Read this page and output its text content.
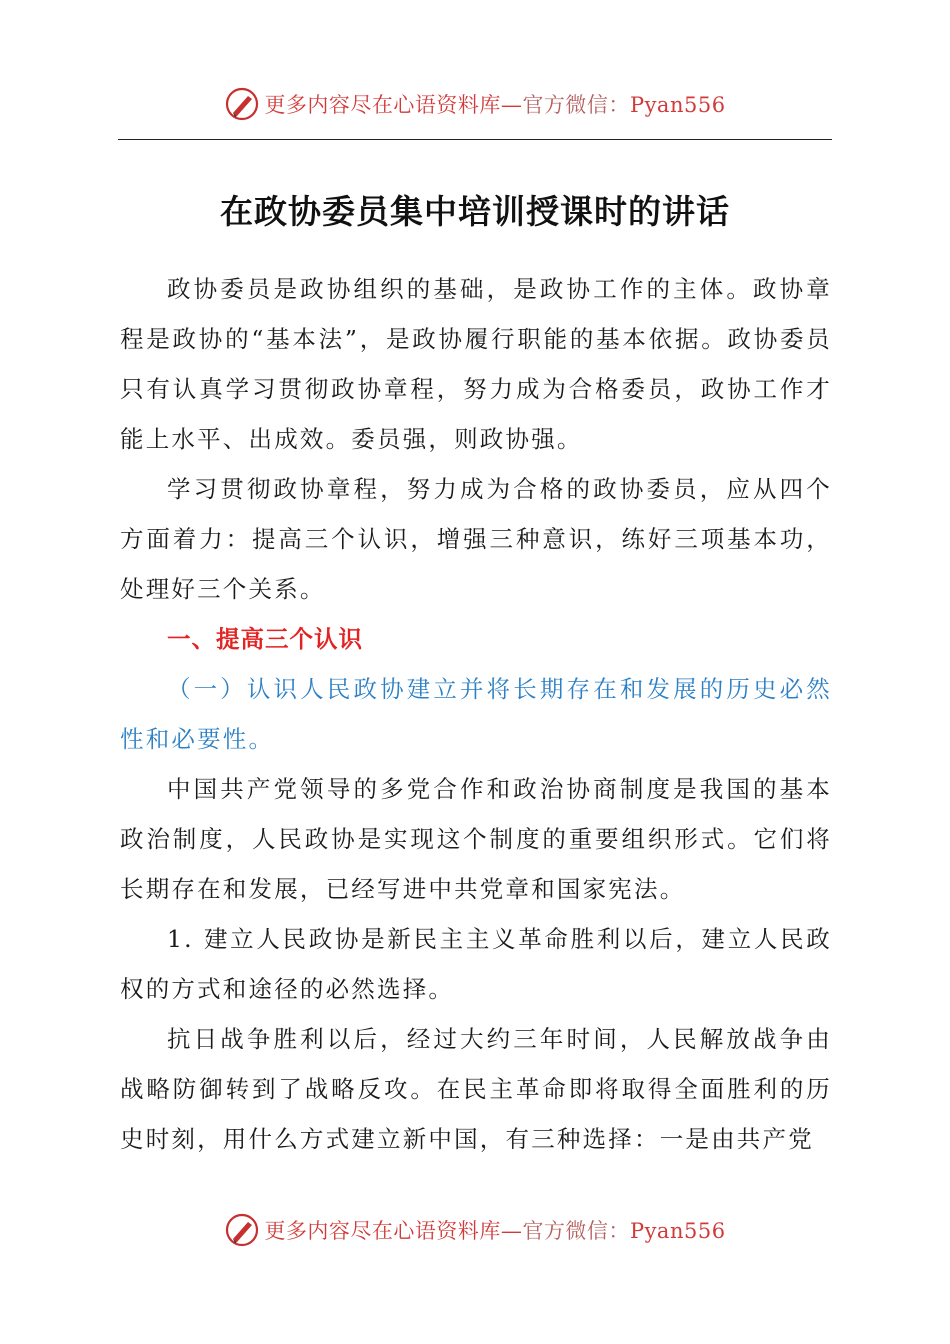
更多内容尽在心语资料库—官方微信：Pyan556
在政协委员集中培训授课时的讲话

政协委员是政协组织的基础，是政协工作的主体。政协章程是政协的“基本法”，是政协履行职能的基本依据。政协委员只有认真学习贯彻政协章程，努力成为合格委员，政协工作才能上水平、出成效。委员强，则政协强。

学习贯彻政协章程，努力成为合格的政协委员，应从四个方面着力：提高三个认识，增强三种意识，练好三项基本功，处理好三个关系。

一、提高三个认识

（一）认识人民政协建立并将长期存在和发展的历史必然性和必要性。

中国共产党领导的多党合作和政治协商制度是我国的基本政治制度，人民政协是实现这个制度的重要组织形式。它们将长期存在和发展，已经写进中共党章和国家宪法。

1. 建立人民政协是新民主主义革命胜利以后，建立人民政权的方式和途径的必然选择。

抗日战争胜利以后，经过大约三年时间，人民解放战争由战略防御转到了战略反攻。在民主革命即将取得全面胜利的历史时刻，用什么方式建立新中国，有三种选择：一是由共产党

更多内容尽在心语资料库—官方微信：Pyan556
